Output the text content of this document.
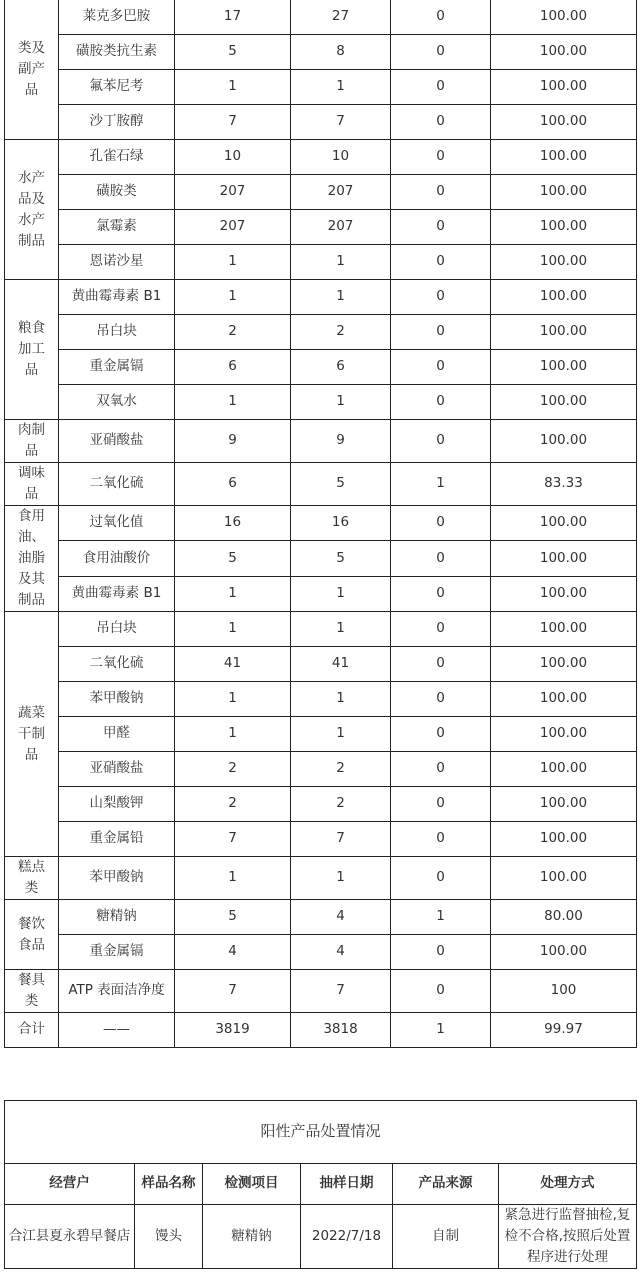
类及副产品	莱克多巴胺	17	27	0	100.00
	磺胺类抗生素	5	8	0	100.00
	氟苯尼考	1	1	0	100.00
	沙丁胺醇	7	7	0	100.00
水产品及水产制品	孔雀石绿	10	10	0	100.00
	磺胺类	207	207	0	100.00
	氯霉素	207	207	0	100.00
	恩诺沙星	1	1	0	100.00
粮食加工品	黄曲霉毒素 B1	1	1	0	100.00
	吊白块	2	2	0	100.00
	重金属镉	6	6	0	100.00
	双氧水	1	1	0	100.00
肉制品	亚硝酸盐	9	9	0	100.00
调味品	二氧化硫	6	5	1	83.33
食用油、油脂及其制品	过氧化值	16	16	0	100.00
	食用油酸价	5	5	0	100.00
	黄曲霉毒素 B1	1	1	0	100.00
蔬菜干制品	吊白块	1	1	0	100.00
	二氧化硫	41	41	0	100.00
	苯甲酸钠	1	1	0	100.00
	甲醛	1	1	0	100.00
	亚硝酸盐	2	2	0	100.00
	山梨酸钾	2	2	0	100.00
	重金属铅	7	7	0	100.00
糕点类	苯甲酸钠	1	1	0	100.00
餐饮食品	糖精钠	5	4	1	80.00
	重金属镉	4	4	0	100.00
餐具类	ATP 表面洁净度	7	7	0	100
合计	——	3819	3818	1	99.97
阳性产品处置情况					
经营户	样品名称	检测项目	抽样日期	产品来源	处理方式
合江县夏永碧早餐店	馒头	糖精钠	2022/7/18	自制	紧急进行监督抽检,复检不合格,按照后处置程序进行处理
